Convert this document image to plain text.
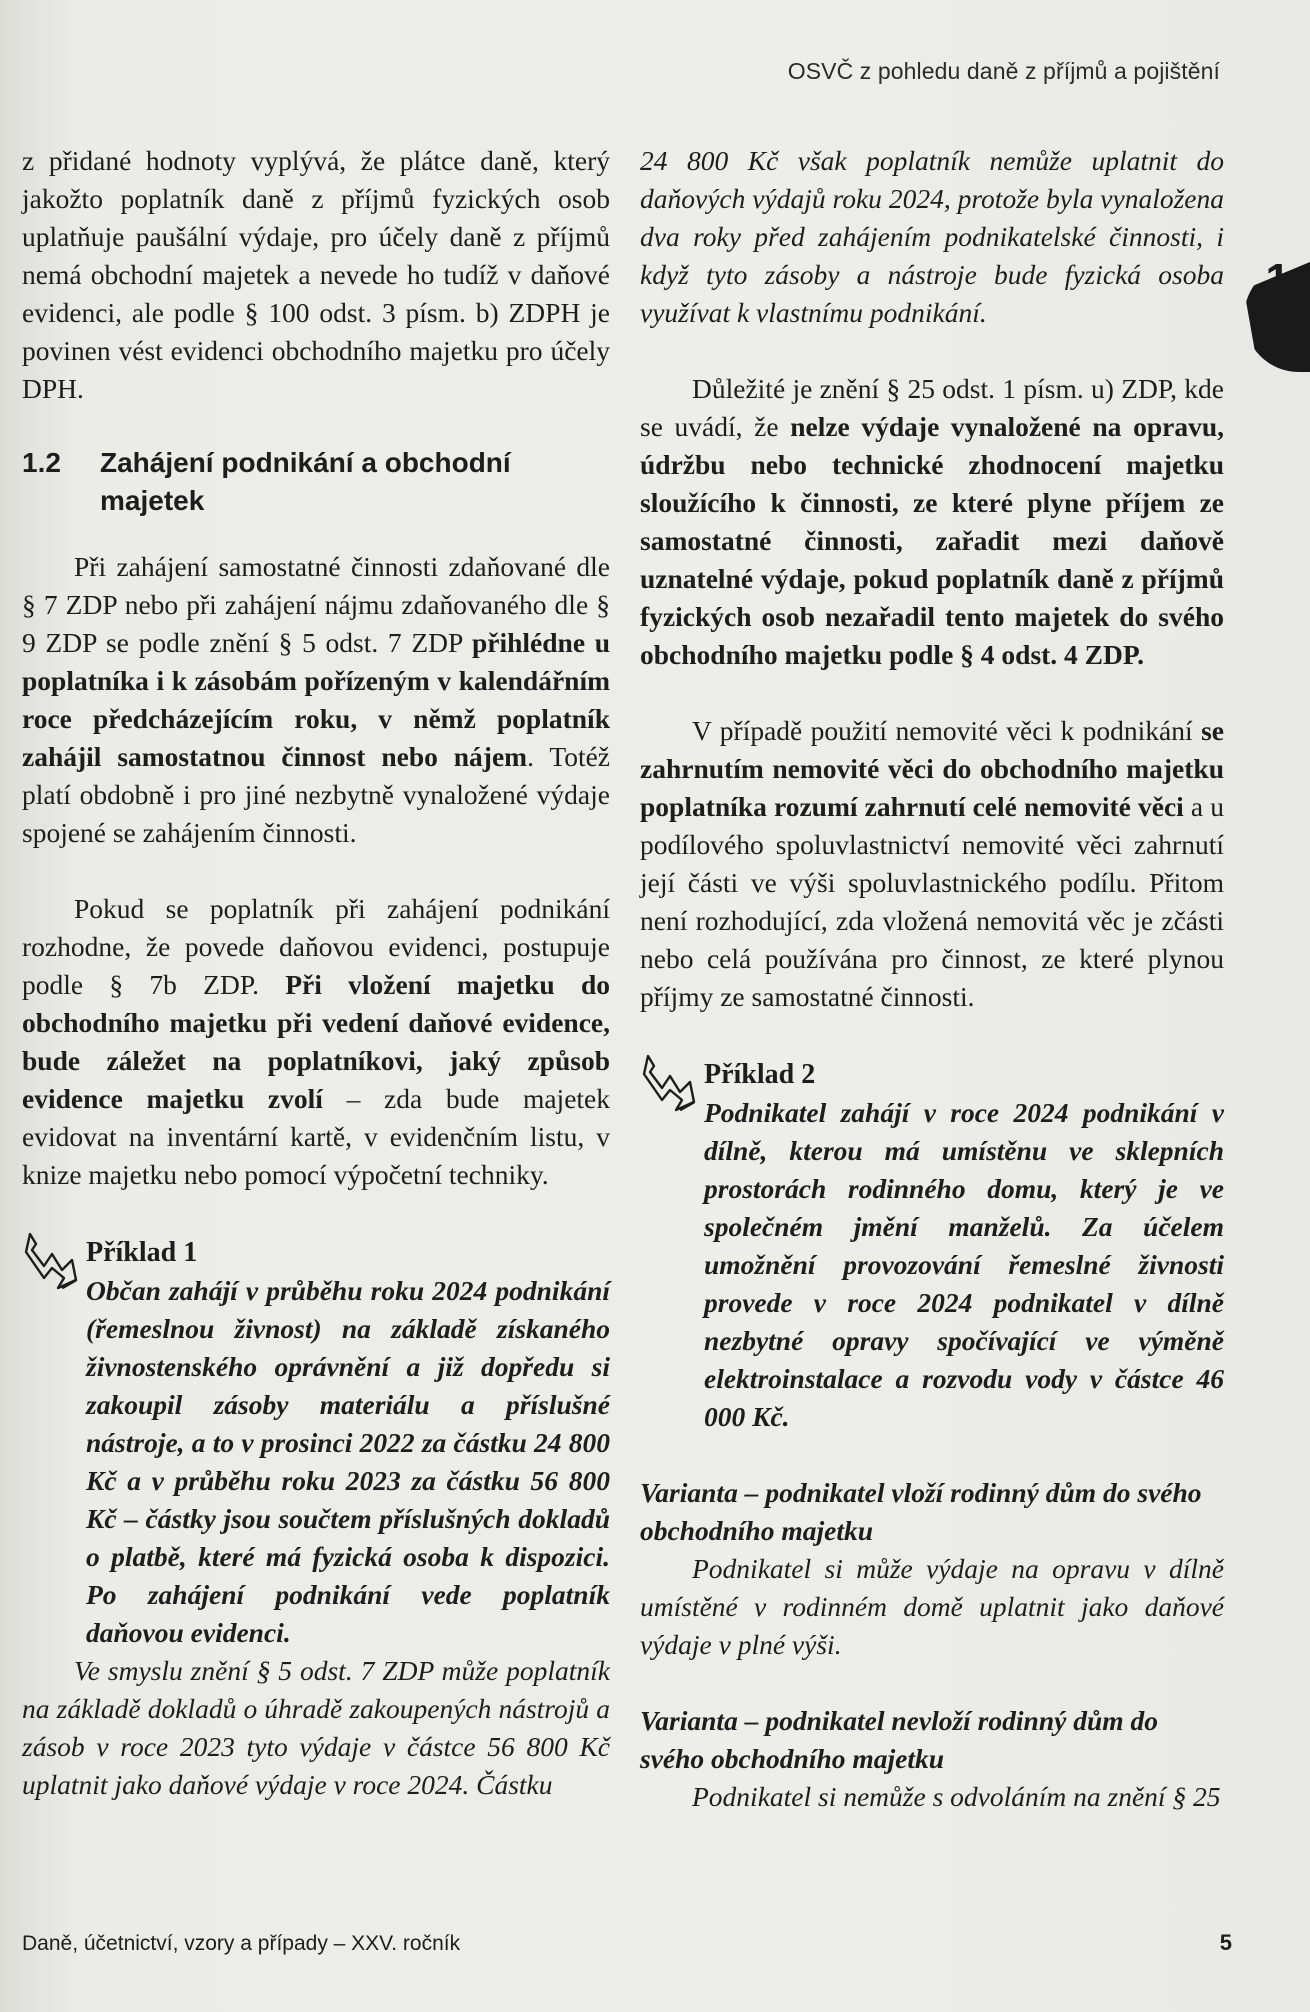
OSVČ z pohledu daně z příjmů a pojištění
1

z přidané hodnoty vyplývá, že plátce daně, který jakožto poplatník daně z příjmů fyzických osob uplatňuje paušální výdaje, pro účely daně z příjmů nemá obchodní majetek a nevede ho tudíž v daňové evidenci, ale podle § 100 odst. 3 písm. b) ZDPH je povinen vést evidenci obchodního majetku pro účely DPH.

1.2	Zahájení podnikání a obchodní majetek

Při zahájení samostatné činnosti zdaňované dle § 7 ZDP nebo při zahájení nájmu zdaňovaného dle § 9 ZDP se podle znění § 5 odst. 7 ZDP přihlédne u poplatníka i k zásobám pořízeným v kalendářním roce předcházejícím roku, v němž poplatník zahájil samostatnou činnost nebo nájem. Totéž platí obdobně i pro jiné nezbytně vynaložené výdaje spojené se zahájením činnosti.

Pokud se poplatník při zahájení podnikání rozhodne, že povede daňovou evidenci, postupuje podle § 7b ZDP. Při vložení majetku do obchodního majetku při vedení daňové evidence, bude záležet na poplatníkovi, jaký způsob evidence majetku zvolí – zda bude majetek evidovat na inventární kartě, v evidenčním listu, v knize majetku nebo pomocí výpočetní techniky.

Příklad 1

Občan zahájí v průběhu roku 2024 podnikání (řemeslnou živnost) na základě získaného živnostenského oprávnění a již dopředu si zakoupil zásoby materiálu a příslušné nástroje, a to v prosinci 2022 za částku 24 800 Kč a v průběhu roku 2023 za částku 56 800 Kč – částky jsou součtem příslušných dokladů o platbě, které má fyzická osoba k dispozici. Po zahájení podnikání vede poplatník daňovou evidenci.

Ve smyslu znění § 5 odst. 7 ZDP může poplatník na základě dokladů o úhradě zakoupených nástrojů a zásob v roce 2023 tyto výdaje v částce 56 800 Kč uplatnit jako daňové výdaje v roce 2024. Částku

24 800 Kč však poplatník nemůže uplatnit do daňových výdajů roku 2024, protože byla vynaložena dva roky před zahájením podnikatelské činnosti, i když tyto zásoby a nástroje bude fyzická osoba využívat k vlastnímu podnikání.

Důležité je znění § 25 odst. 1 písm. u) ZDP, kde se uvádí, že nelze výdaje vynaložené na opravu, údržbu nebo technické zhodnocení majetku sloužícího k činnosti, ze které plyne příjem ze samostatné činnosti, zařadit mezi daňově uznatelné výdaje, pokud poplatník daně z příjmů fyzických osob nezařadil tento majetek do svého obchodního majetku podle § 4 odst. 4 ZDP.

V případě použití nemovité věci k podnikání se zahrnutím nemovité věci do obchodního majetku poplatníka rozumí zahrnutí celé nemovité věci a u podílového spoluvlastnictví nemovité věci zahrnutí její části ve výši spoluvlastnického podílu. Přitom není rozhodující, zda vložená nemovitá věc je zčásti nebo celá používána pro činnost, ze které plynou příjmy ze samostatné činnosti.

Příklad 2

Podnikatel zahájí v roce 2024 podnikání v dílně, kterou má umístěnu ve sklepních prostorách rodinného domu, který je ve společném jmění manželů. Za účelem umožnění provozování řemeslné živnosti provede v roce 2024 podnikatel v dílně nezbytné opravy spočívající ve výměně elektroinstalace a rozvodu vody v částce 46 000 Kč.

Varianta – podnikatel vloží rodinný dům do svého obchodního majetku

Podnikatel si může výdaje na opravu v dílně umístěné v rodinném domě uplatnit jako daňové výdaje v plné výši.

Varianta – podnikatel nevloží rodinný dům do svého obchodního majetku

Podnikatel si nemůže s odvoláním na znění § 25

Daně, účetnictví, vzory a případy – XXV. ročník	5
